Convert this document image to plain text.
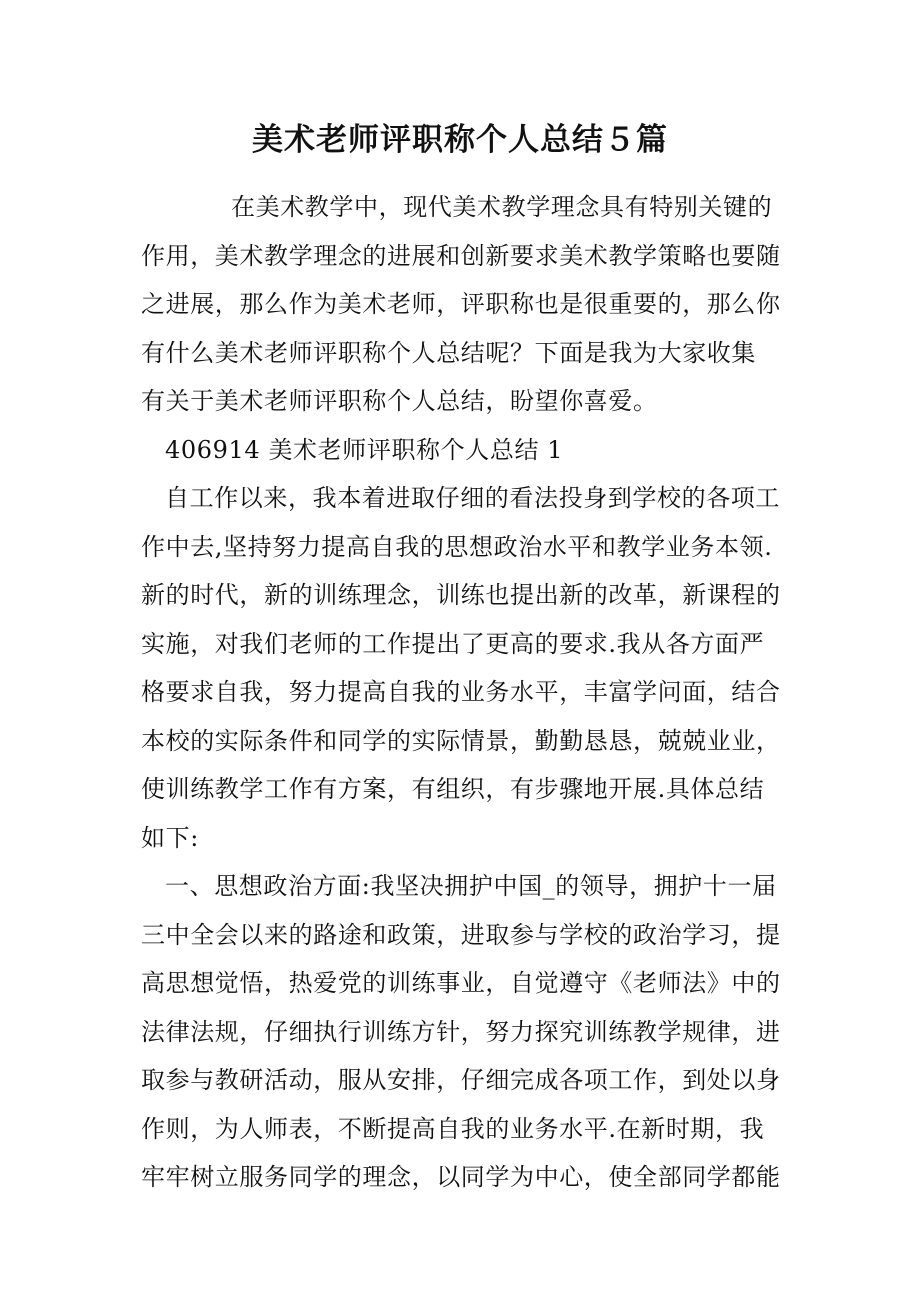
美术老师评职称个人总结５篇
在美术教学中，现代美术教学理念具有特别关键的
作用，美术教学理念的进展和创新要求美术教学策略也要随
之进展，那么作为美术老师，评职称也是很重要的，那么你
有什么美术老师评职称个人总结呢？下面是我为大家收集
有关于美术老师评职称个人总结，盼望你喜爱。
406914 美术老师评职称个人总结 1
自工作以来，我本着进取仔细的看法投身到学校的各项工
作中去,坚持努力提高自我的思想政治水平和教学业务本领.
新的时代，新的训练理念，训练也提出新的改革，新课程的
实施，对我们老师的工作提出了更高的要求.我从各方面严
格要求自我，努力提高自我的业务水平，丰富学问面，结合
本校的实际条件和同学的实际情景，勤勤恳恳，兢兢业业，
使训练教学工作有方案，有组织，有步骤地开展.具体总结
如下:
一、思想政治方面:我坚决拥护中国_的领导，拥护十一届
三中全会以来的路途和政策，进取参与学校的政治学习，提
高思想觉悟，热爱党的训练事业，自觉遵守《老师法》中的
法律法规，仔细执行训练方针，努力探究训练教学规律，进
取参与教研活动，服从安排，仔细完成各项工作，到处以身
作则，为人师表，不断提高自我的业务水平.在新时期，我
牢牢树立服务同学的理念，以同学为中心，使全部同学都能
